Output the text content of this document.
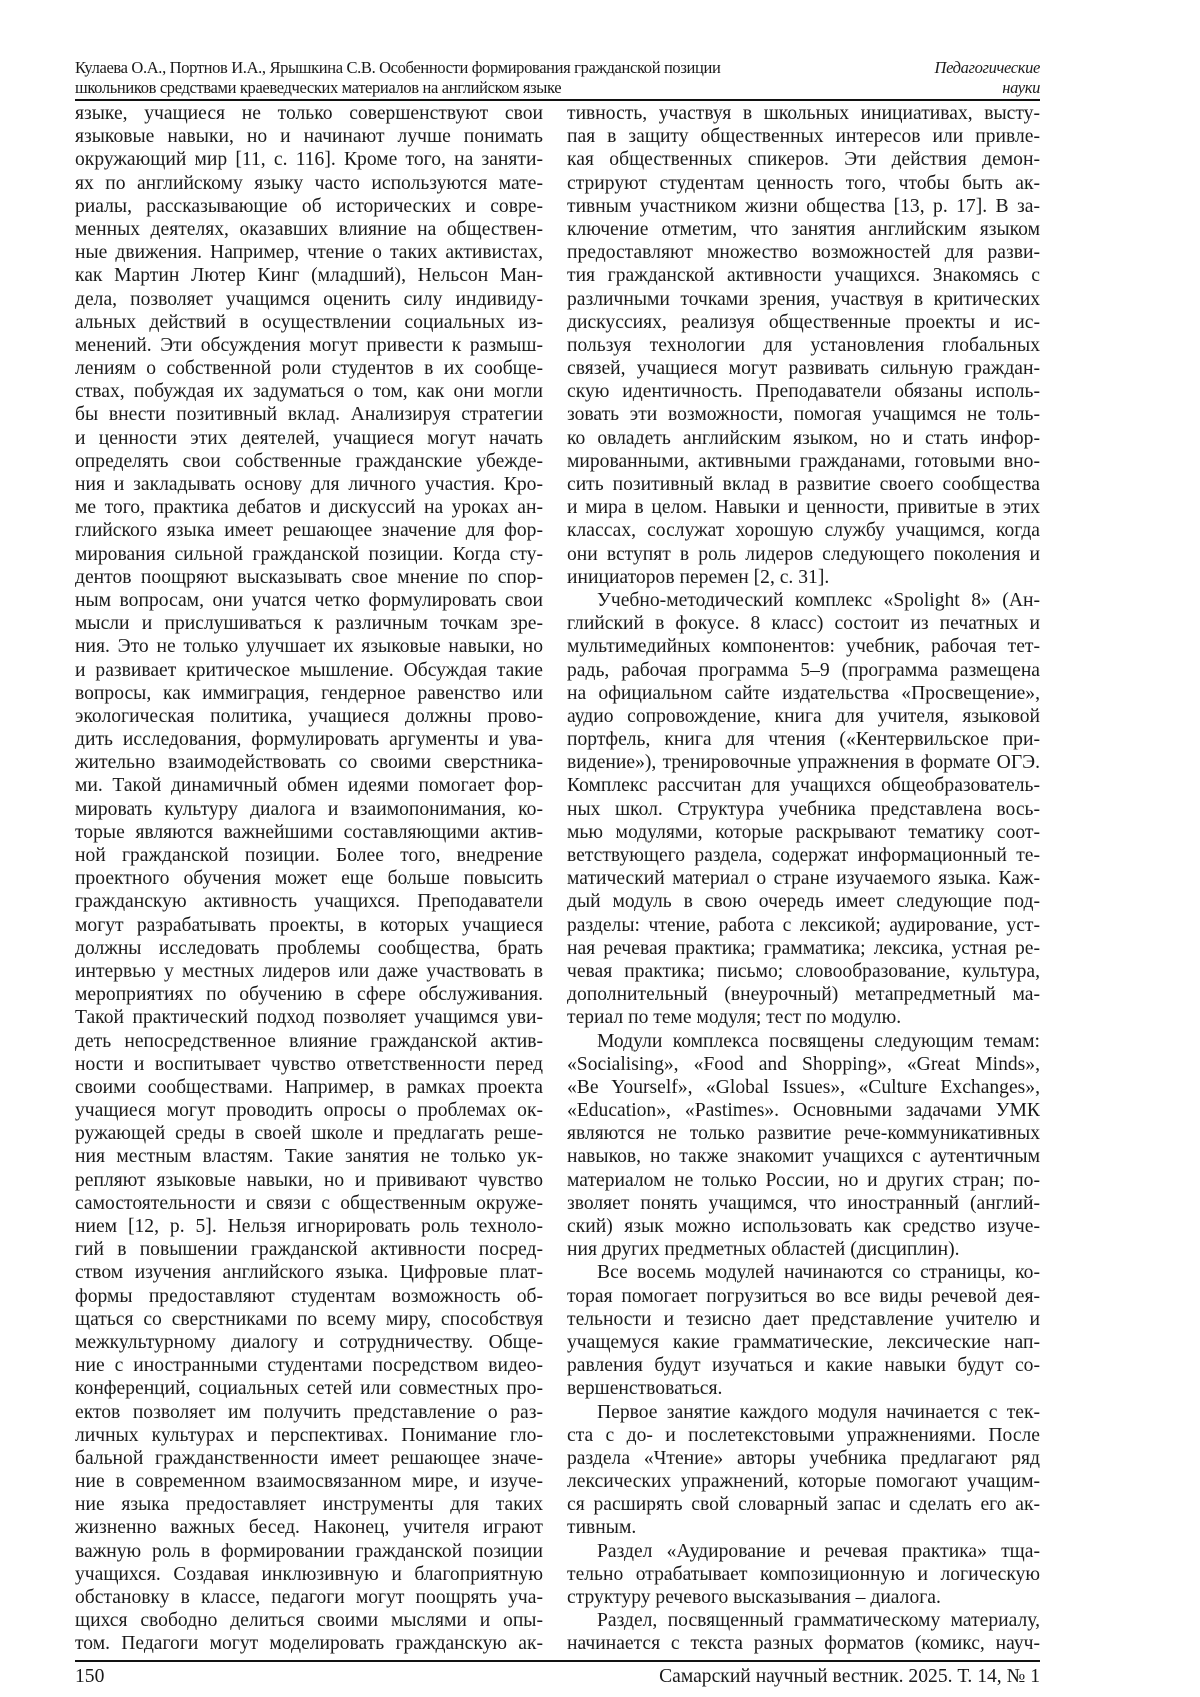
Кулаева О.А., Портнов И.А., Ярышкина С.В. Особенности формирования гражданской позиции
школьников средствами краеведческих материалов на английском языке
Педагогические
науки
языке, учащиеся не только совершенствуют свои
языковые навыки, но и начинают лучше понимать
окружающий мир [11, с. 116]. Кроме того, на заняти-
ях по английскому языку часто используются мате-
риалы, рассказывающие об исторических и совре-
менных деятелях, оказавших влияние на обществен-
ные движения. Например, чтение о таких активистах,
как Мартин Лютер Кинг (младший), Нельсон Ман-
дела, позволяет учащимся оценить силу индивиду-
альных действий в осуществлении социальных из-
менений. Эти обсуждения могут привести к размыш-
лениям о собственной роли студентов в их сообще-
ствах, побуждая их задуматься о том, как они могли
бы внести позитивный вклад. Анализируя стратегии
и ценности этих деятелей, учащиеся могут начать
определять свои собственные гражданские убежде-
ния и закладывать основу для личного участия. Кро-
ме того, практика дебатов и дискуссий на уроках ан-
глийского языка имеет решающее значение для фор-
мирования сильной гражданской позиции. Когда сту-
дентов поощряют высказывать свое мнение по спор-
ным вопросам, они учатся четко формулировать свои
мысли и прислушиваться к различным точкам зре-
ния. Это не только улучшает их языковые навыки, но
и развивает критическое мышление. Обсуждая такие
вопросы, как иммиграция, гендерное равенство или
экологическая политика, учащиеся должны прово-
дить исследования, формулировать аргументы и ува-
жительно взаимодействовать со своими сверстника-
ми. Такой динамичный обмен идеями помогает фор-
мировать культуру диалога и взаимопонимания, ко-
торые являются важнейшими составляющими актив-
ной гражданской позиции. Более того, внедрение
проектного обучения может еще больше повысить
гражданскую активность учащихся. Преподаватели
могут разрабатывать проекты, в которых учащиеся
должны исследовать проблемы сообщества, брать
интервью у местных лидеров или даже участвовать в
мероприятиях по обучению в сфере обслуживания.
Такой практический подход позволяет учащимся уви-
деть непосредственное влияние гражданской актив-
ности и воспитывает чувство ответственности перед
своими сообществами. Например, в рамках проекта
учащиеся могут проводить опросы о проблемах ок-
ружающей среды в своей школе и предлагать реше-
ния местным властям. Такие занятия не только ук-
репляют языковые навыки, но и прививают чувство
самостоятельности и связи с общественным окруже-
нием [12, p. 5]. Нельзя игнорировать роль техноло-
гий в повышении гражданской активности посред-
ством изучения английского языка. Цифровые плат-
формы предоставляют студентам возможность об-
щаться со сверстниками по всему миру, способствуя
межкультурному диалогу и сотрудничеству. Обще-
ние с иностранными студентами посредством видео-
конференций, социальных сетей или совместных про-
ектов позволяет им получить представление о раз-
личных культурах и перспективах. Понимание гло-
бальной гражданственности имеет решающее значе-
ние в современном взаимосвязанном мире, и изуче-
ние языка предоставляет инструменты для таких
жизненно важных бесед. Наконец, учителя играют
важную роль в формировании гражданской позиции
учащихся. Создавая инклюзивную и благоприятную
обстановку в классе, педагоги могут поощрять уча-
щихся свободно делиться своими мыслями и опы-
том. Педагоги могут моделировать гражданскую ак-
тивность, участвуя в школьных инициативах, высту-
пая в защиту общественных интересов или привле-
кая общественных спикеров. Эти действия демон-
стрируют студентам ценность того, чтобы быть ак-
тивным участником жизни общества [13, p. 17]. В за-
ключение отметим, что занятия английским языком
предоставляют множество возможностей для разви-
тия гражданской активности учащихся. Знакомясь с
различными точками зрения, участвуя в критических
дискуссиях, реализуя общественные проекты и ис-
пользуя технологии для установления глобальных
связей, учащиеся могут развивать сильную граждан-
скую идентичность. Преподаватели обязаны исполь-
зовать эти возможности, помогая учащимся не толь-
ко овладеть английским языком, но и стать инфор-
мированными, активными гражданами, готовыми вно-
сить позитивный вклад в развитие своего сообщества
и мира в целом. Навыки и ценности, привитые в этих
классах, сослужат хорошую службу учащимся, когда
они вступят в роль лидеров следующего поколения и
инициаторов перемен [2, с. 31].
Учебно-методический комплекс «Spolight 8» (Ан-
глийский в фокусе. 8 класс) состоит из печатных и
мультимедийных компонентов: учебник, рабочая тет-
радь, рабочая программа 5–9 (программа размещена
на официальном сайте издательства «Просвещение»,
аудио сопровождение, книга для учителя, языковой
портфель, книга для чтения («Кентервильское при-
видение»), тренировочные упражнения в формате ОГЭ.
Комплекс рассчитан для учащихся общеобразователь-
ных школ. Структура учебника представлена вось-
мью модулями, которые раскрывают тематику соот-
ветствующего раздела, содержат информационный те-
матический материал о стране изучаемого языка. Каж-
дый модуль в свою очередь имеет следующие под-
разделы: чтение, работа с лексикой; аудирование, уст-
ная речевая практика; грамматика; лексика, устная ре-
чевая практика; письмо; словообразование, культура,
дополнительный (внеурочный) метапредметный ма-
териал по теме модуля; тест по модулю.
Модули комплекса посвящены следующим темам:
«Socialising», «Food and Shopping», «Great Minds»,
«Be Yourself», «Global Issues», «Culture Exchanges»,
«Education», «Pastimes». Основными задачами УМК
являются не только развитие рече-коммуникативных
навыков, но также знакомит учащихся с аутентичным
материалом не только России, но и других стран; по-
зволяет понять учащимся, что иностранный (англий-
ский) язык можно использовать как средство изуче-
ния других предметных областей (дисциплин).
Все восемь модулей начинаются со страницы, ко-
торая помогает погрузиться во все виды речевой дея-
тельности и тезисно дает представление учителю и
учащемуся какие грамматические, лексические нап-
равления будут изучаться и какие навыки будут со-
вершенствоваться.
Первое занятие каждого модуля начинается с тек-
ста с до- и послетекстовыми упражнениями. После
раздела «Чтение» авторы учебника предлагают ряд
лексических упражнений, которые помогают учащим-
ся расширять свой словарный запас и сделать его ак-
тивным.
Раздел «Аудирование и речевая практика» тща-
тельно отрабатывает композиционную и логическую
структуру речевого высказывания – диалога.
Раздел, посвященный грамматическому материалу,
начинается с текста разных форматов (комикс, науч-
150	Самарский научный вестник. 2025. Т. 14, № 1
